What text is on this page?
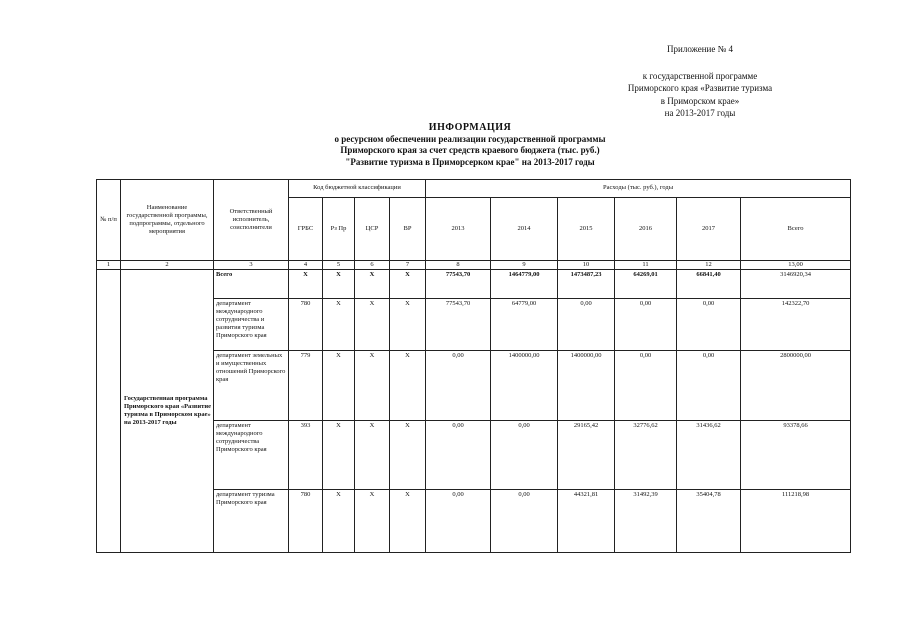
Приложение № 4
к государственной программе
Приморского края «Развитие туризма
в Приморском крае»
на 2013-2017 годы
ИНФОРМАЦИЯ
о ресурсном обеспечении реализации государственной программы
Приморского края за счет средств краевого бюджета (тыс. руб.)
"Развитие туризма в Приморсерком крае" на 2013-2017 годы
№ п/п	Наименование государственной программы, подпрограммы, отдельного мероприятия	Ответственный исполнитель, соисполнители	Код бюджетной классификации				Расходы (тыс. руб.), годы					
			ГРБС	Рз Пр	ЦСР	ВР	2013	2014	2015	2016	2017	Всего
1	2	3	4	5	6	7	8	9	10	11	12	13,00
	Государственная программа Приморского края «Развитие туризма в Приморском крае» на 2013-2017 годы	Всего	Х	Х	Х	Х	77543,70	1464779,00	1473487,23	64269,01	66841,40	3146920,34
		департамент международного сотрудничества и развития туризма Приморского края	780	Х	Х	Х	77543,70	64779,00	0,00	0,00	0,00	142322,70
		департамент земельных и имущественных отношений Приморского края	779	Х	Х	Х	0,00	1400000,00	1400000,00	0,00	0,00	2800000,00
		департамент международного сотрудничества Приморского края	393	Х	Х	Х	0,00	0,00	29165,42	32776,62	31436,62	93378,66
		департамент туризма Приморского края	780	Х	Х	Х	0,00	0,00	44321,81	31492,39	35404,78	111218,98
